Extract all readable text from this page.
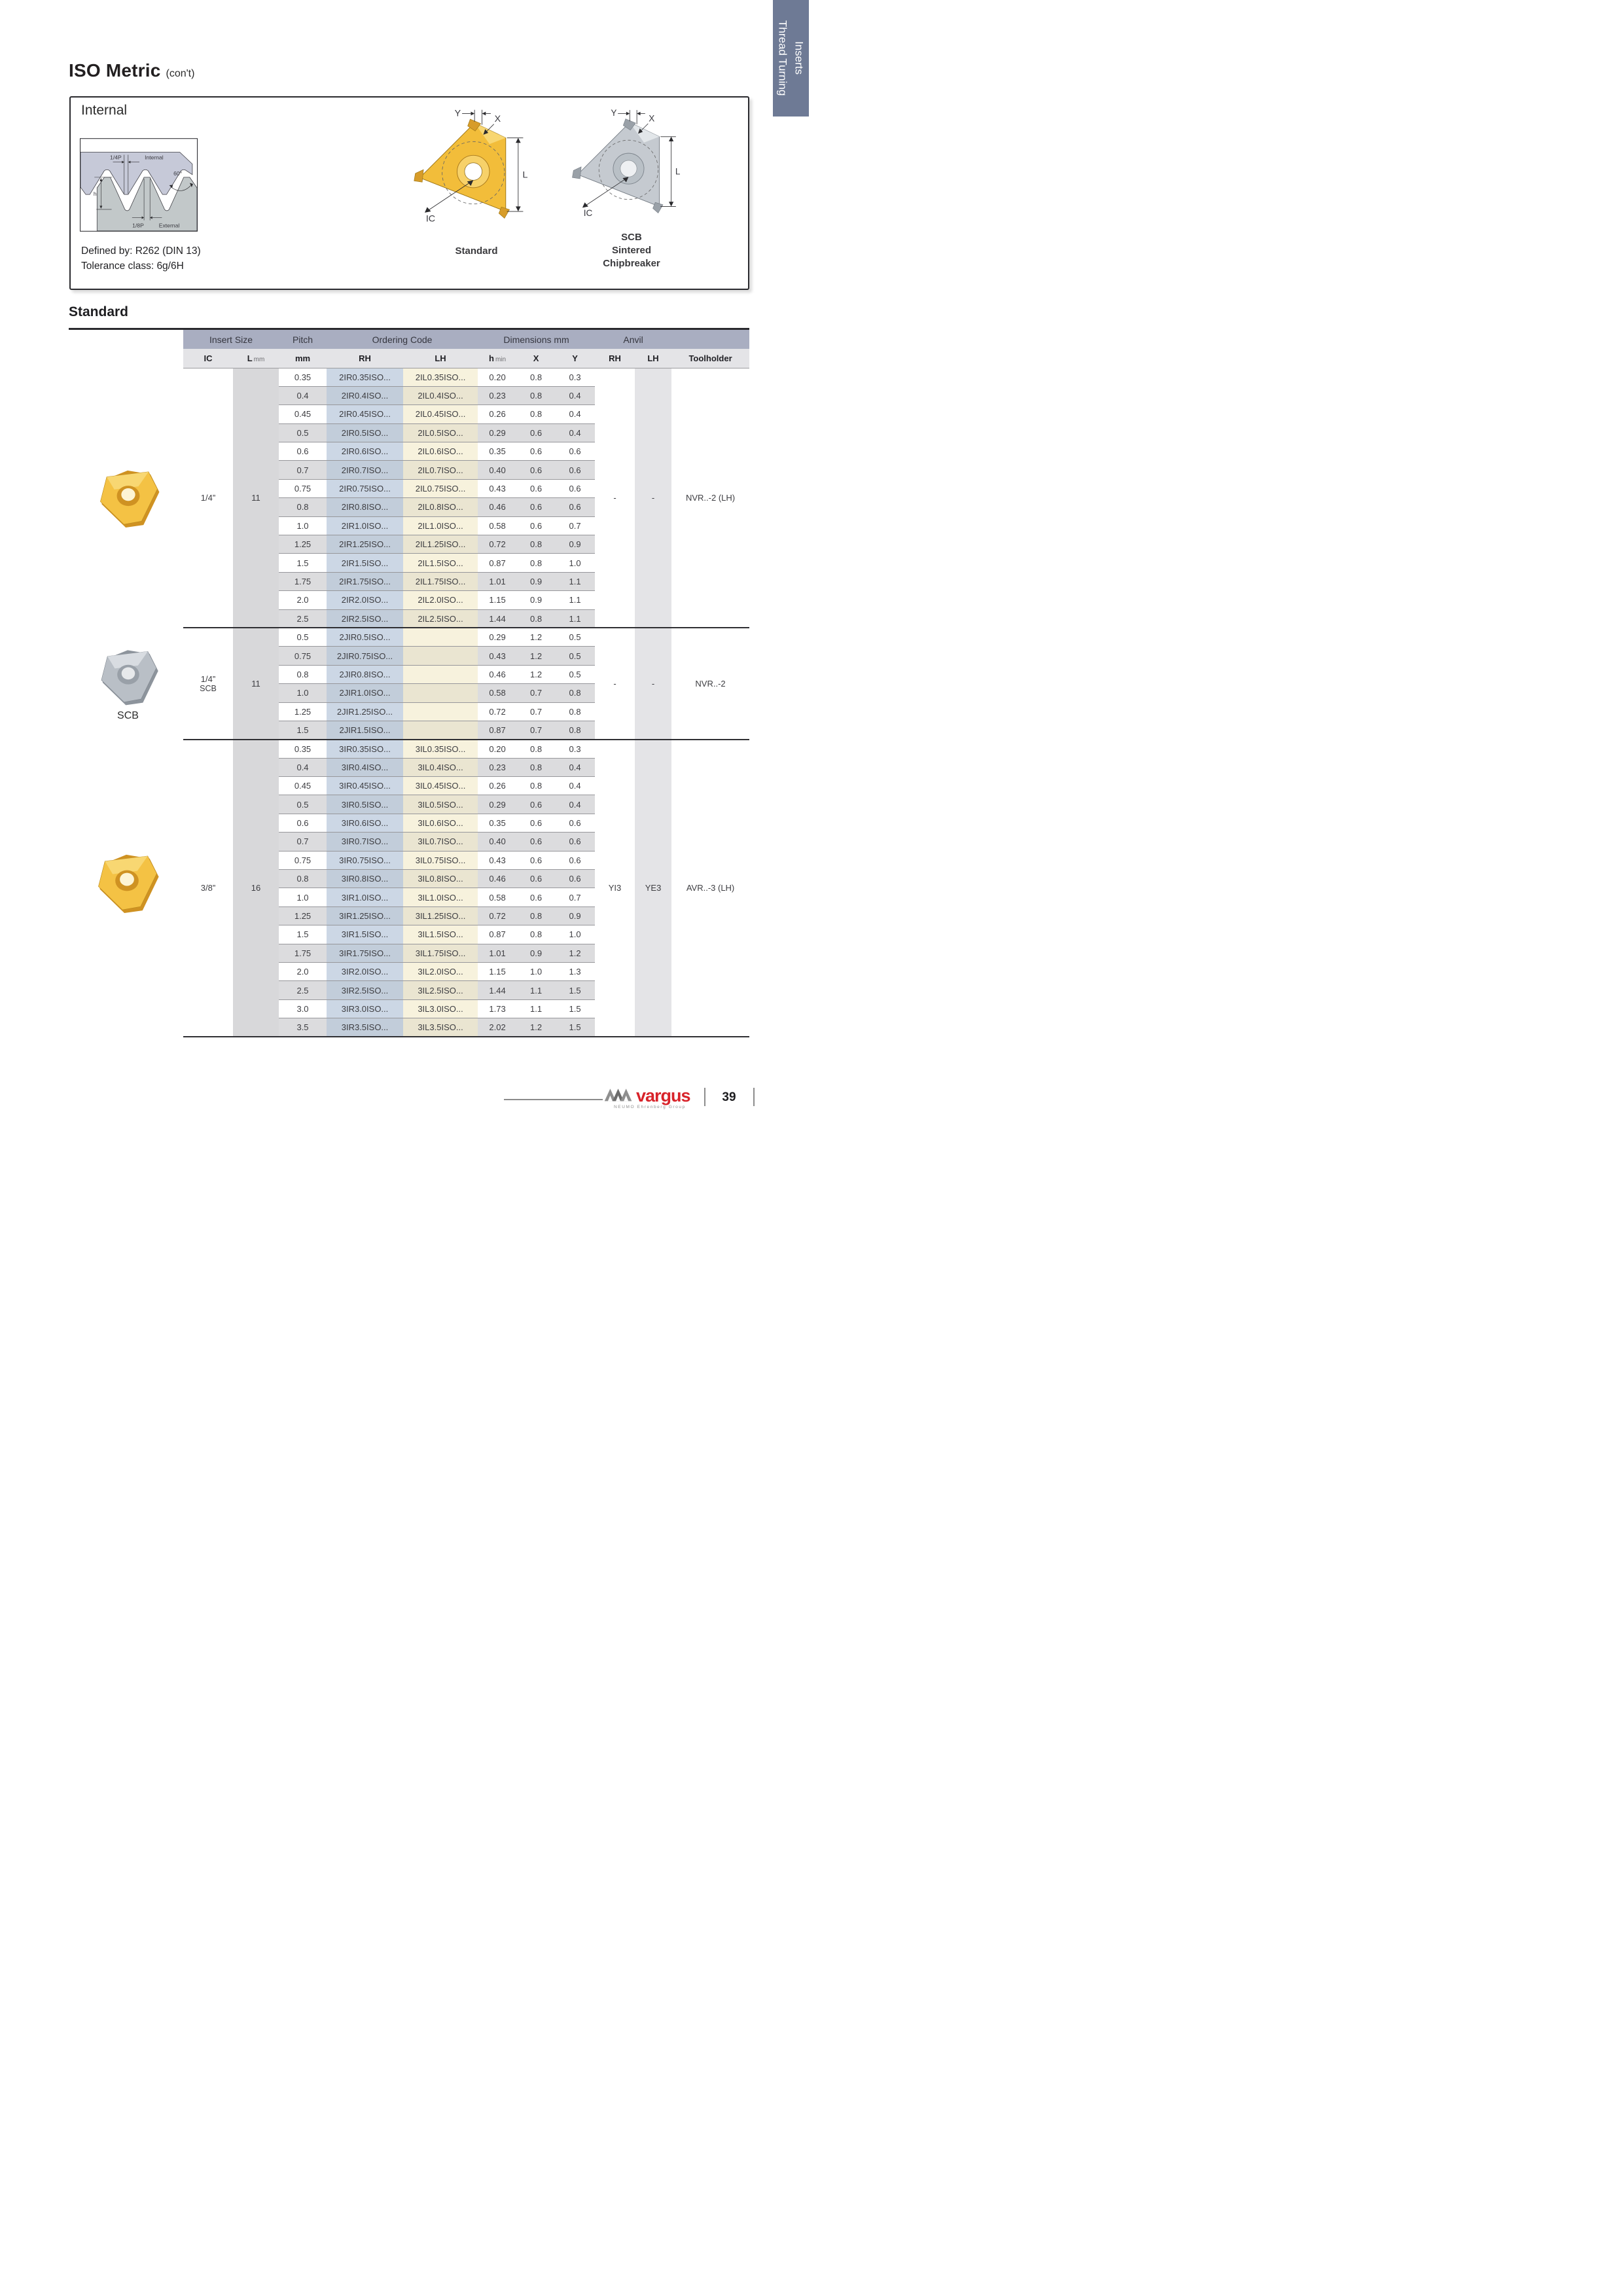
Thread Turning Inserts
ISO Metric (con't)
Internal
1/4P Internal
60°
h
1/8P External
Defined by: R262 (DIN 13)
Tolerance class: 6g/6H
Y
X
L
IC
Standard
Y
X
L
IC
SCB
Sintered
Chipbreaker
Standard
SCB
Insert Size		Pitch	Ordering Code		Dimensions mm			Anvil		
IC	L mm	mm	RH	LH	h min	X	Y	RH	LH	Toolholder
1/4”	11	0.35	2IR0.35ISO...	2IL0.35ISO...	0.20	0.8	0.3	-	-	NVR..-2 (LH)
		0.4	2IR0.4ISO...	2IL0.4ISO...	0.23	0.8	0.4			
		0.45	2IR0.45ISO...	2IL0.45ISO...	0.26	0.8	0.4			
		0.5	2IR0.5ISO...	2IL0.5ISO...	0.29	0.6	0.4			
		0.6	2IR0.6ISO...	2IL0.6ISO...	0.35	0.6	0.6			
		0.7	2IR0.7ISO...	2IL0.7ISO...	0.40	0.6	0.6			
		0.75	2IR0.75ISO...	2IL0.75ISO...	0.43	0.6	0.6			
		0.8	2IR0.8ISO...	2IL0.8ISO...	0.46	0.6	0.6			
		1.0	2IR1.0ISO...	2IL1.0ISO...	0.58	0.6	0.7			
		1.25	2IR1.25ISO...	2IL1.25ISO...	0.72	0.8	0.9			
		1.5	2IR1.5ISO...	2IL1.5ISO...	0.87	0.8	1.0			
		1.75	2IR1.75ISO...	2IL1.75ISO...	1.01	0.9	1.1			
		2.0	2IR2.0ISO...	2IL2.0ISO...	1.15	0.9	1.1			
		2.5	2IR2.5ISO...	2IL2.5ISO...	1.44	0.8	1.1			
1/4”
SCB	11	0.5	2JIR0.5ISO...		0.29	1.2	0.5	-	-	NVR..-2
		0.75	2JIR0.75ISO...		0.43	1.2	0.5			
		0.8	2JIR0.8ISO...		0.46	1.2	0.5			
		1.0	2JIR1.0ISO...		0.58	0.7	0.8			
		1.25	2JIR1.25ISO...		0.72	0.7	0.8			
		1.5	2JIR1.5ISO...		0.87	0.7	0.8			
3/8”	16	0.35	3IR0.35ISO...	3IL0.35ISO...	0.20	0.8	0.3	YI3	YE3	AVR..-3 (LH)
		0.4	3IR0.4ISO...	3IL0.4ISO...	0.23	0.8	0.4			
		0.45	3IR0.45ISO...	3IL0.45ISO...	0.26	0.8	0.4			
		0.5	3IR0.5ISO...	3IL0.5ISO...	0.29	0.6	0.4			
		0.6	3IR0.6ISO...	3IL0.6ISO...	0.35	0.6	0.6			
		0.7	3IR0.7ISO...	3IL0.7ISO...	0.40	0.6	0.6			
		0.75	3IR0.75ISO...	3IL0.75ISO...	0.43	0.6	0.6			
		0.8	3IR0.8ISO...	3IL0.8ISO...	0.46	0.6	0.6			
		1.0	3IR1.0ISO...	3IL1.0ISO...	0.58	0.6	0.7			
		1.25	3IR1.25ISO...	3IL1.25ISO...	0.72	0.8	0.9			
		1.5	3IR1.5ISO...	3IL1.5ISO...	0.87	0.8	1.0			
		1.75	3IR1.75ISO...	3IL1.75ISO...	1.01	0.9	1.2			
		2.0	3IR2.0ISO...	3IL2.0ISO...	1.15	1.0	1.3			
		2.5	3IR2.5ISO...	3IL2.5ISO...	1.44	1.1	1.5			
		3.0	3IR3.0ISO...	3IL3.0ISO...	1.73	1.1	1.5			
		3.5	3IR3.5ISO...	3IL3.5ISO...	2.02	1.2	1.5			
vargus
NEUMO Ehrenberg Group
39
